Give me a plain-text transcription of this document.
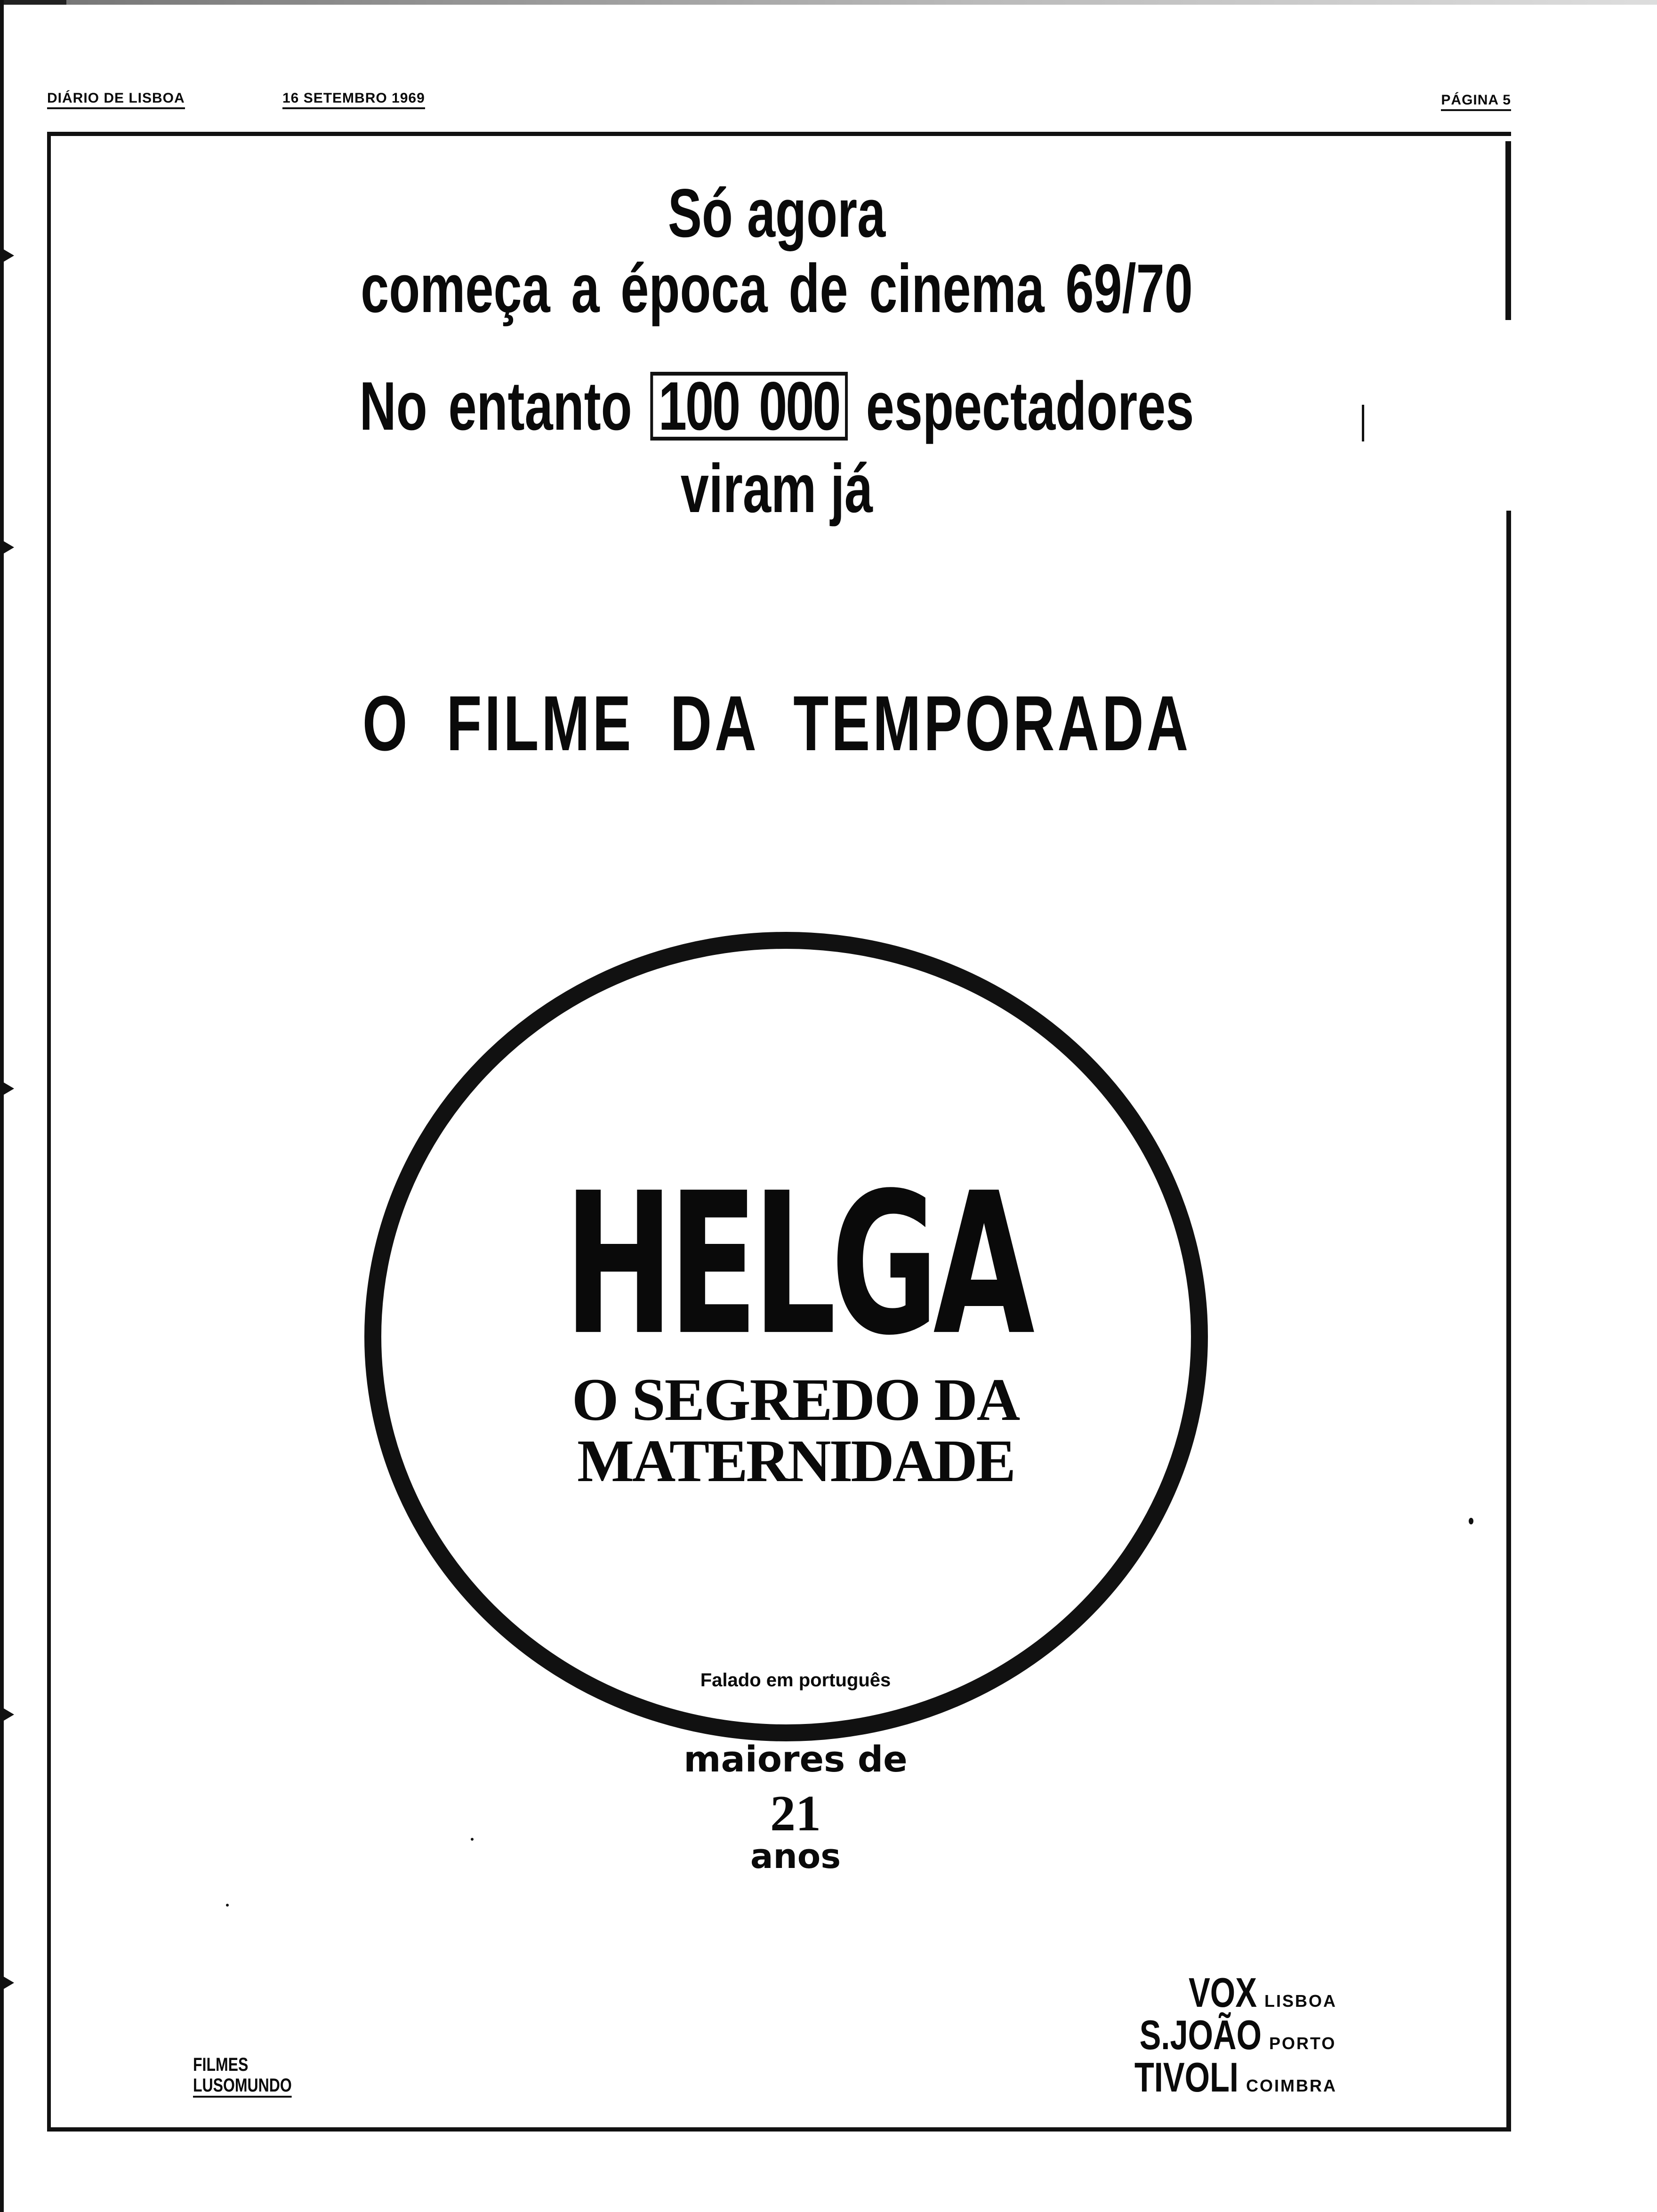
DIÁRIO DE LISBOA	16 SETEMBRO 1969	PÁGINA 5
Só agora
começa a época de cinema 69/70
No entanto 100 000 espectadores
viram já
O FILME DA TEMPORADA
HELGA
O SEGREDO DA
MATERNIDADE
Falado em português
maiores de
21
anos
FILMES
LUSOMUNDO
VOX LISBOA
S.JOÃO PORTO
TIVOLI COIMBRA
